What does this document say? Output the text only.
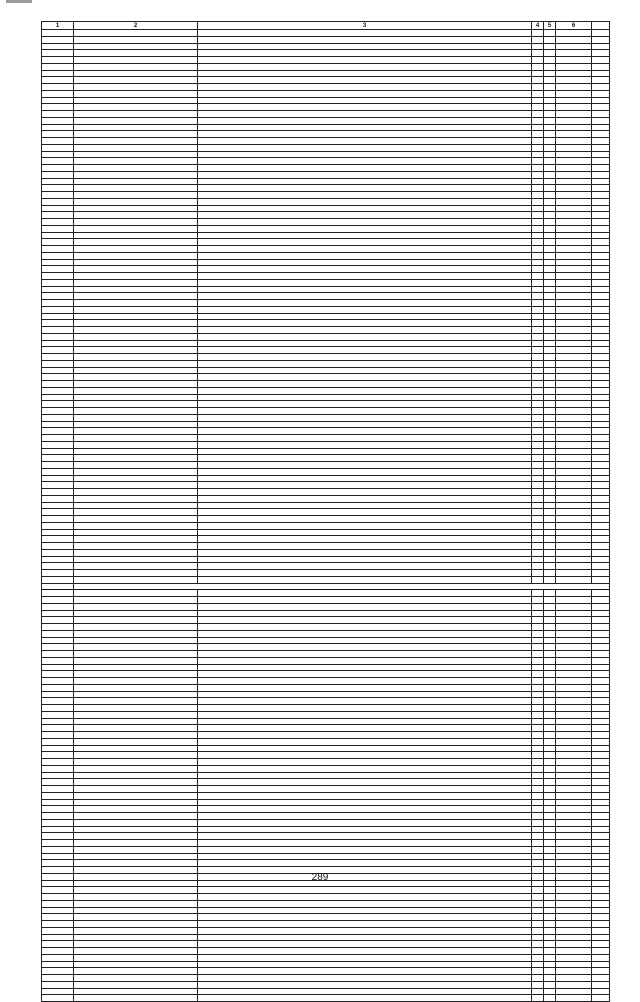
1	2	3	4	5	6	

289
